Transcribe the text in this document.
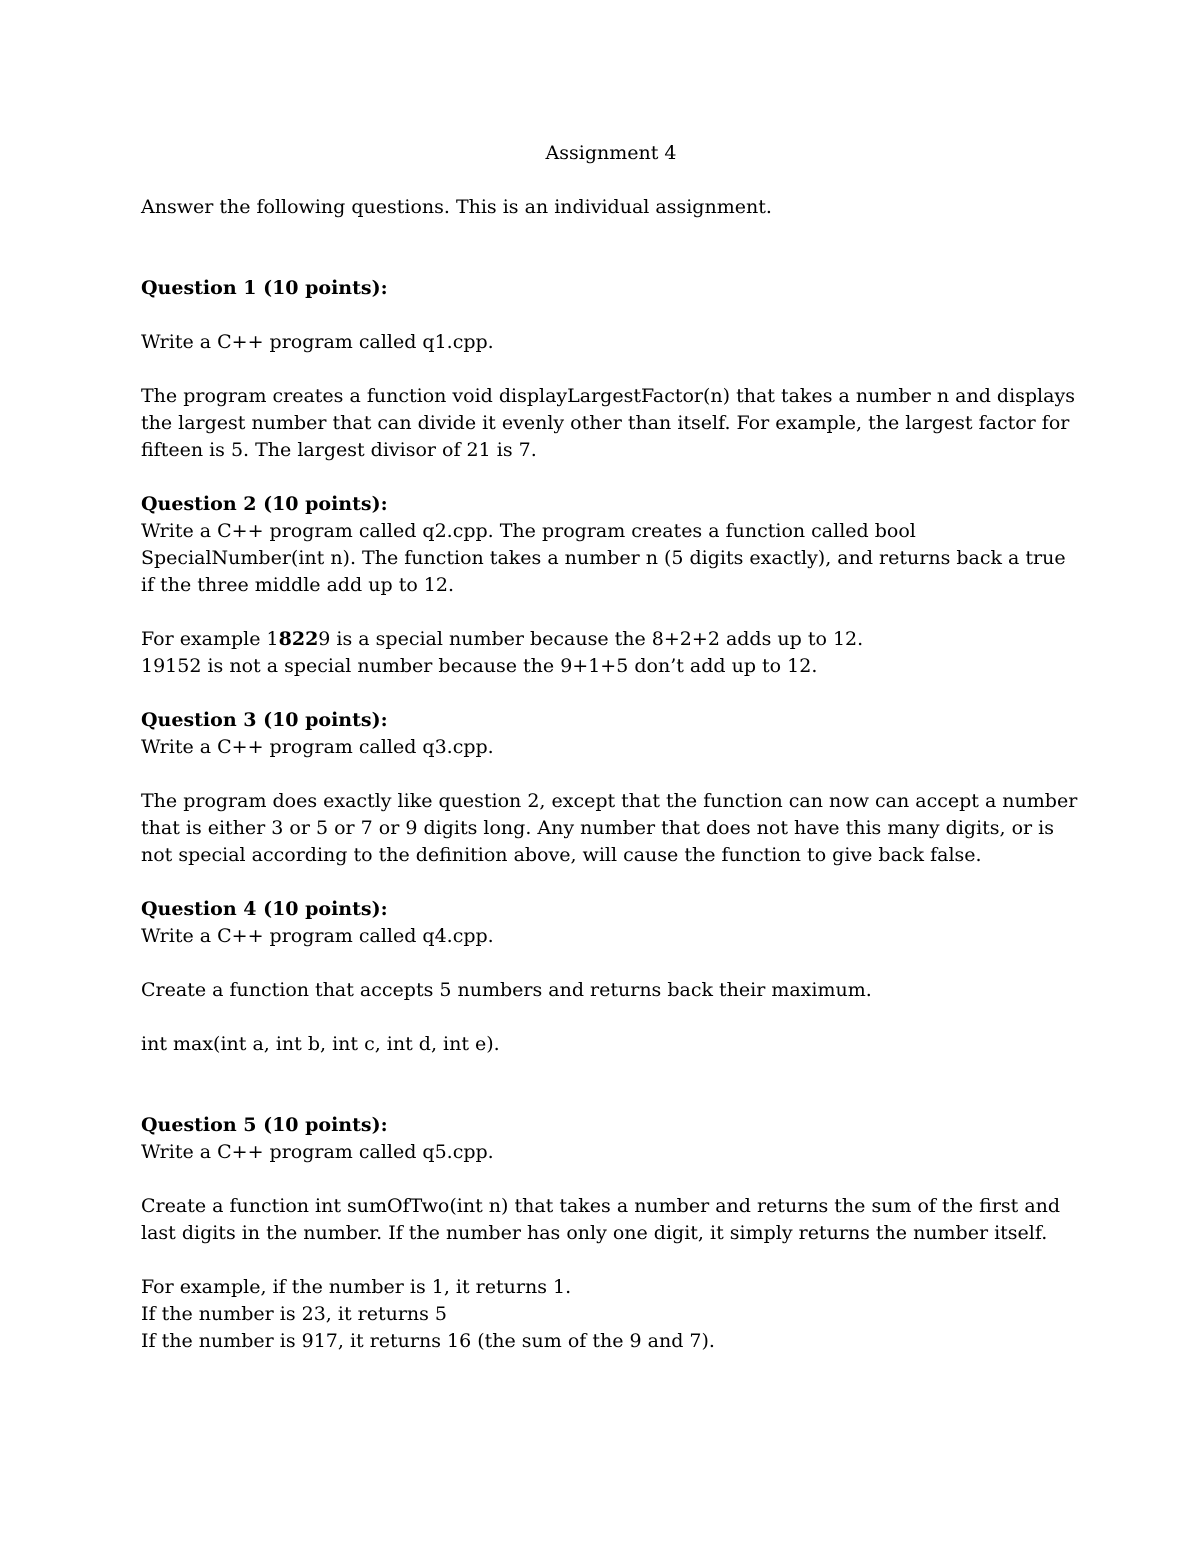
Assignment 4

Answer the following questions. This is an individual assignment.

Question 1 (10 points):

Write a C++ program called q1.cpp.

The program creates a function void displayLargestFactor(n) that takes a number n and displays the largest number that can divide it evenly other than itself. For example, the largest factor for fifteen is 5. The largest divisor of 21 is 7.

Question 2 (10 points):

Write a C++ program called q2.cpp. The program creates a function called bool SpecialNumber(int n). The function takes a number n (5 digits exactly), and returns back a true if the three middle add up to 12.

For example 18229 is a special number because the 8+2+2 adds up to 12.

19152 is not a special number because the 9+1+5 don’t add up to 12.

Question 3 (10 points):

Write a C++ program called q3.cpp.

The program does exactly like question 2, except that the function can now can accept a number that is either 3 or 5 or 7 or 9 digits long. Any number that does not have this many digits, or is not special according to the definition above, will cause the function to give back false.

Question 4 (10 points):

Write a C++ program called q4.cpp.

Create a function that accepts 5 numbers and returns back their maximum.

int max(int a, int b, int c, int d, int e).

Question 5 (10 points):

Write a C++ program called q5.cpp.

Create a function int sumOfTwo(int n) that takes a number and returns the sum of the first and last digits in the number. If the number has only one digit, it simply returns the number itself.

For example, if the number is 1, it returns 1.

If the number is 23, it returns 5

If the number is 917, it returns 16 (the sum of the 9 and 7).
